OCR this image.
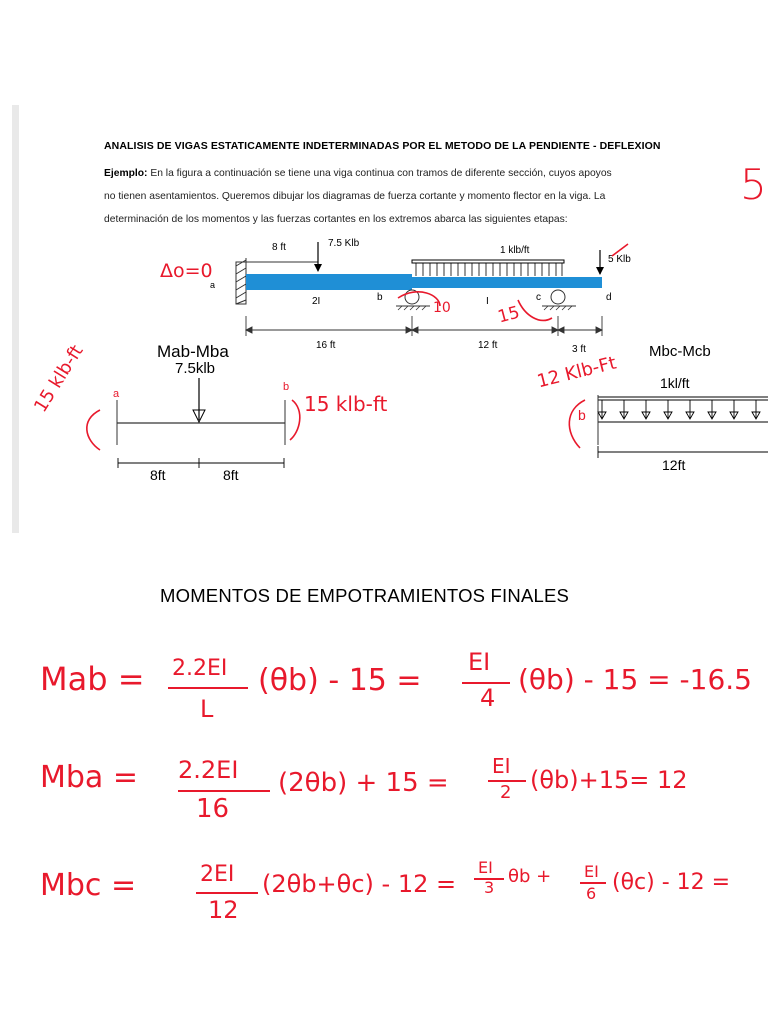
ANALISIS DE VIGAS ESTATICAMENTE INDETERMINADAS POR EL METODO DE LA PENDIENTE - DEFLEXION
Ejemplo: En la figura a continuación se tiene una viga continua con tramos de diferente sección, cuyos apoyos
no tienen asentamientos. Queremos dibujar los diagramas de fuerza cortante y momento flector en la viga. La
determinación de los momentos y las fuerzas cortantes en los extremos abarca las siguientes etapas:
8 ft	7.5 Klb
1 klb/ft
5 Klb
a
b	c	d
2I	I
16 ft	12 ft	3 ft
Mab-Mba
7.5klb
a
b
8ft	8ft
Mbc-Mcb
1kl/ft
b
12ft
5
Δo=0
15 klb-ft	15 klb-ft
12 Klb-Ft
15
10
MOMENTOS DE EMPOTRAMIENTOS FINALES
Mab = 2.2EI
L
(θb) - 15 =
EI
4
(θb) - 15 = -16.5
Mba = 2.2EI
16
(2θb) + 15 =
EI
2 (θb)+15= 12
Mbc =	2EI
12
(2θb+θc) - 12 =
EI
3
θb + EI
6 (θc) - 12 =
